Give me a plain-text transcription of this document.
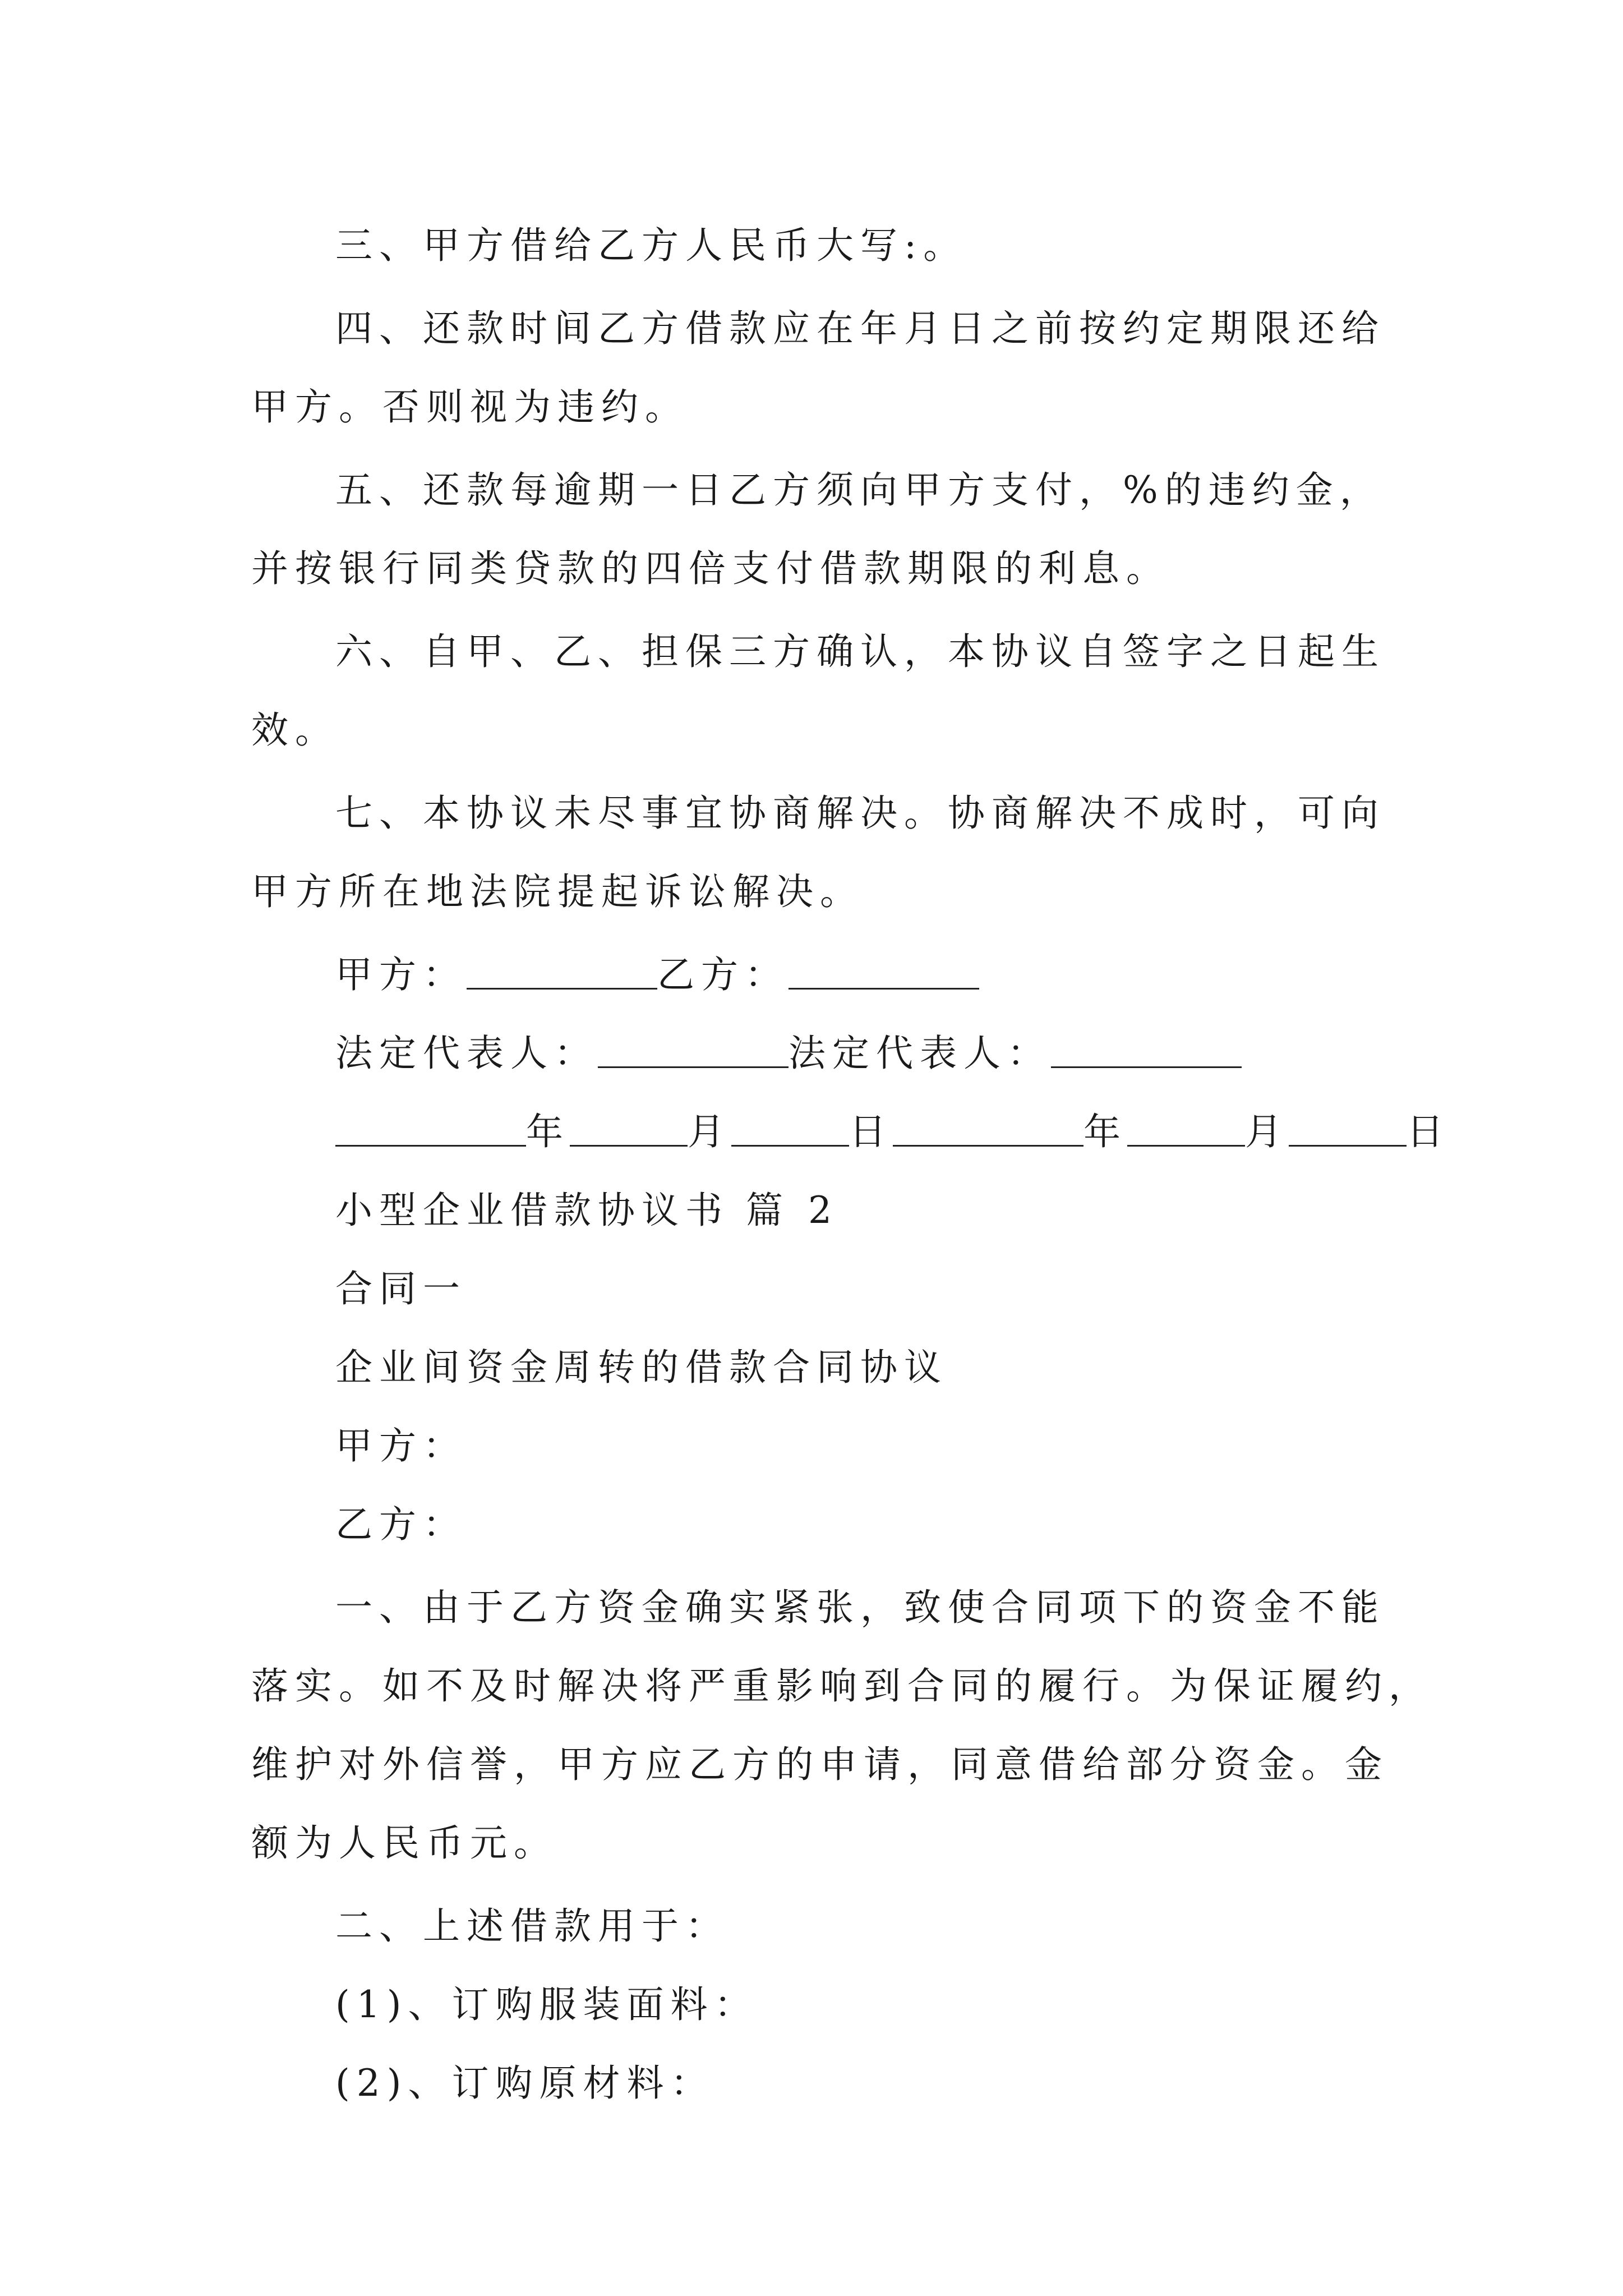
三、甲方借给乙方人民币大写:。
四、还款时间乙方借款应在年月日之前按约定期限还给
甲方。否则视为违约。
五、还款每逾期一日乙方须向甲方支付，%的违约金，
并按银行同类贷款的四倍支付借款期限的利息。
六、自甲、乙、担保三方确认，本协议自签字之日起生
效。
七、本协议未尽事宜协商解决。协商解决不成时，可向
甲方所在地法院提起诉讼解决。
甲方：	乙方：
法定代表人：	法定代表人：
年	月	日	年	月	日
小型企业借款协议书 篇 2
合同一
企业间资金周转的借款合同协议
甲方：
乙方：
一、由于乙方资金确实紧张，致使合同项下的资金不能
落实。如不及时解决将严重影响到合同的履行。为保证履约，
维护对外信誉，甲方应乙方的申请，同意借给部分资金。金
额为人民币元。
二、上述借款用于：
(1)、订购服装面料：
(2)、订购原材料：
